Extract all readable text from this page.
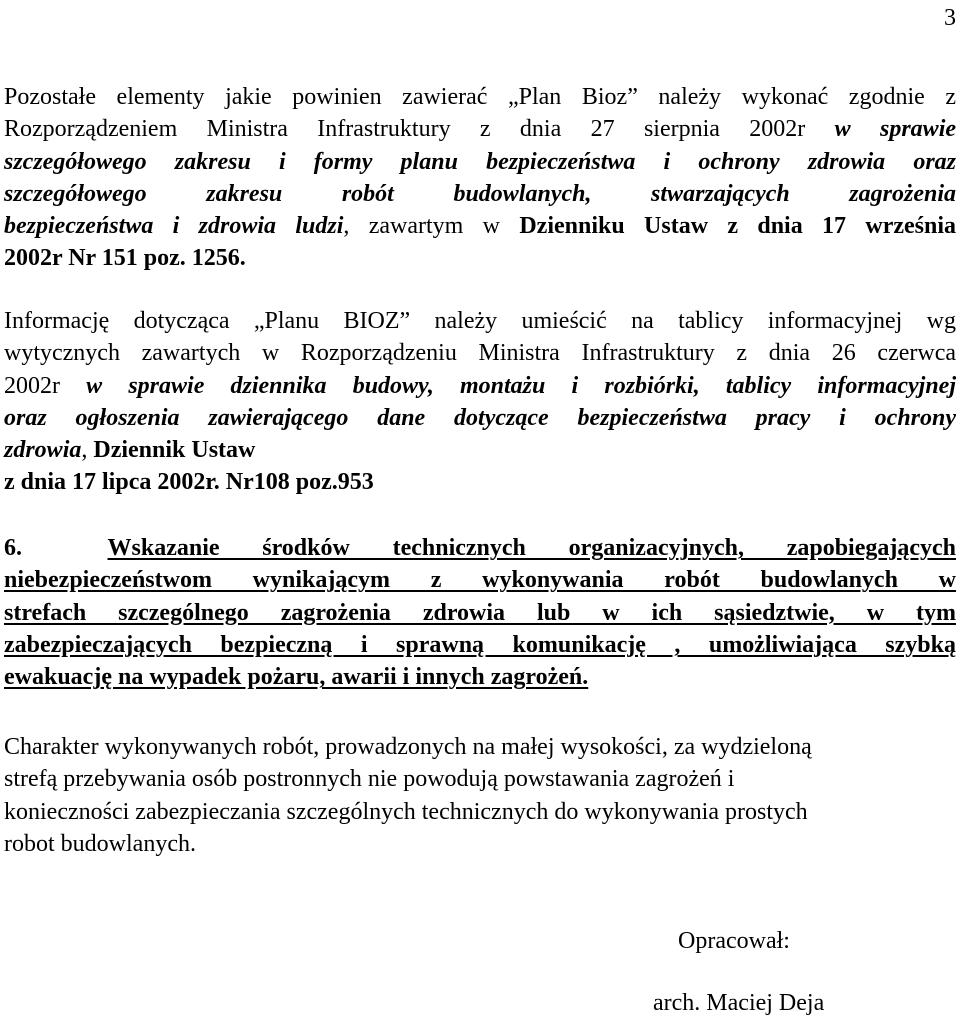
3
Pozostałe elementy jakie powinien zawierać „Plan Bioz” należy wykonać zgodnie z
Rozporządzeniem Ministra Infrastruktury z dnia 27 sierpnia 2002r w sprawie
szczegółowego zakresu i formy planu bezpieczeństwa i ochrony zdrowia oraz
szczegółowego zakresu robót budowlanych, stwarzających zagrożenia
bezpieczeństwa i zdrowia ludzi, zawartym w Dzienniku Ustaw z dnia 17 września
2002r Nr 151 poz. 1256.
Informację dotycząca „Planu BIOZ” należy umieścić na tablicy informacyjnej wg
wytycznych zawartych w Rozporządzeniu Ministra Infrastruktury z dnia 26 czerwca
2002r w sprawie dziennika budowy, montażu i rozbiórki, tablicy informacyjnej
oraz ogłoszenia zawierającego dane dotyczące bezpieczeństwa pracy i ochrony
zdrowia, Dziennik Ustaw
z dnia 17 lipca 2002r. Nr108 poz.953
6.	Wskazanie środków technicznych organizacyjnych, zapobiegających
niebezpieczeństwom wynikającym z wykonywania robót budowlanych w
strefach szczególnego zagrożenia zdrowia lub w ich sąsiedztwie, w tym
zabezpieczających bezpieczną i sprawną komunikację , umożliwiająca szybką
ewakuację na wypadek pożaru, awarii i innych zagrożeń.
Charakter wykonywanych robót, prowadzonych na małej wysokości, za wydzieloną
strefą przebywania osób postronnych nie powodują powstawania zagrożeń i
konieczności zabezpieczania szczególnych technicznych do wykonywania prostych
robot budowlanych.
Opracował:
arch. Maciej Deja
